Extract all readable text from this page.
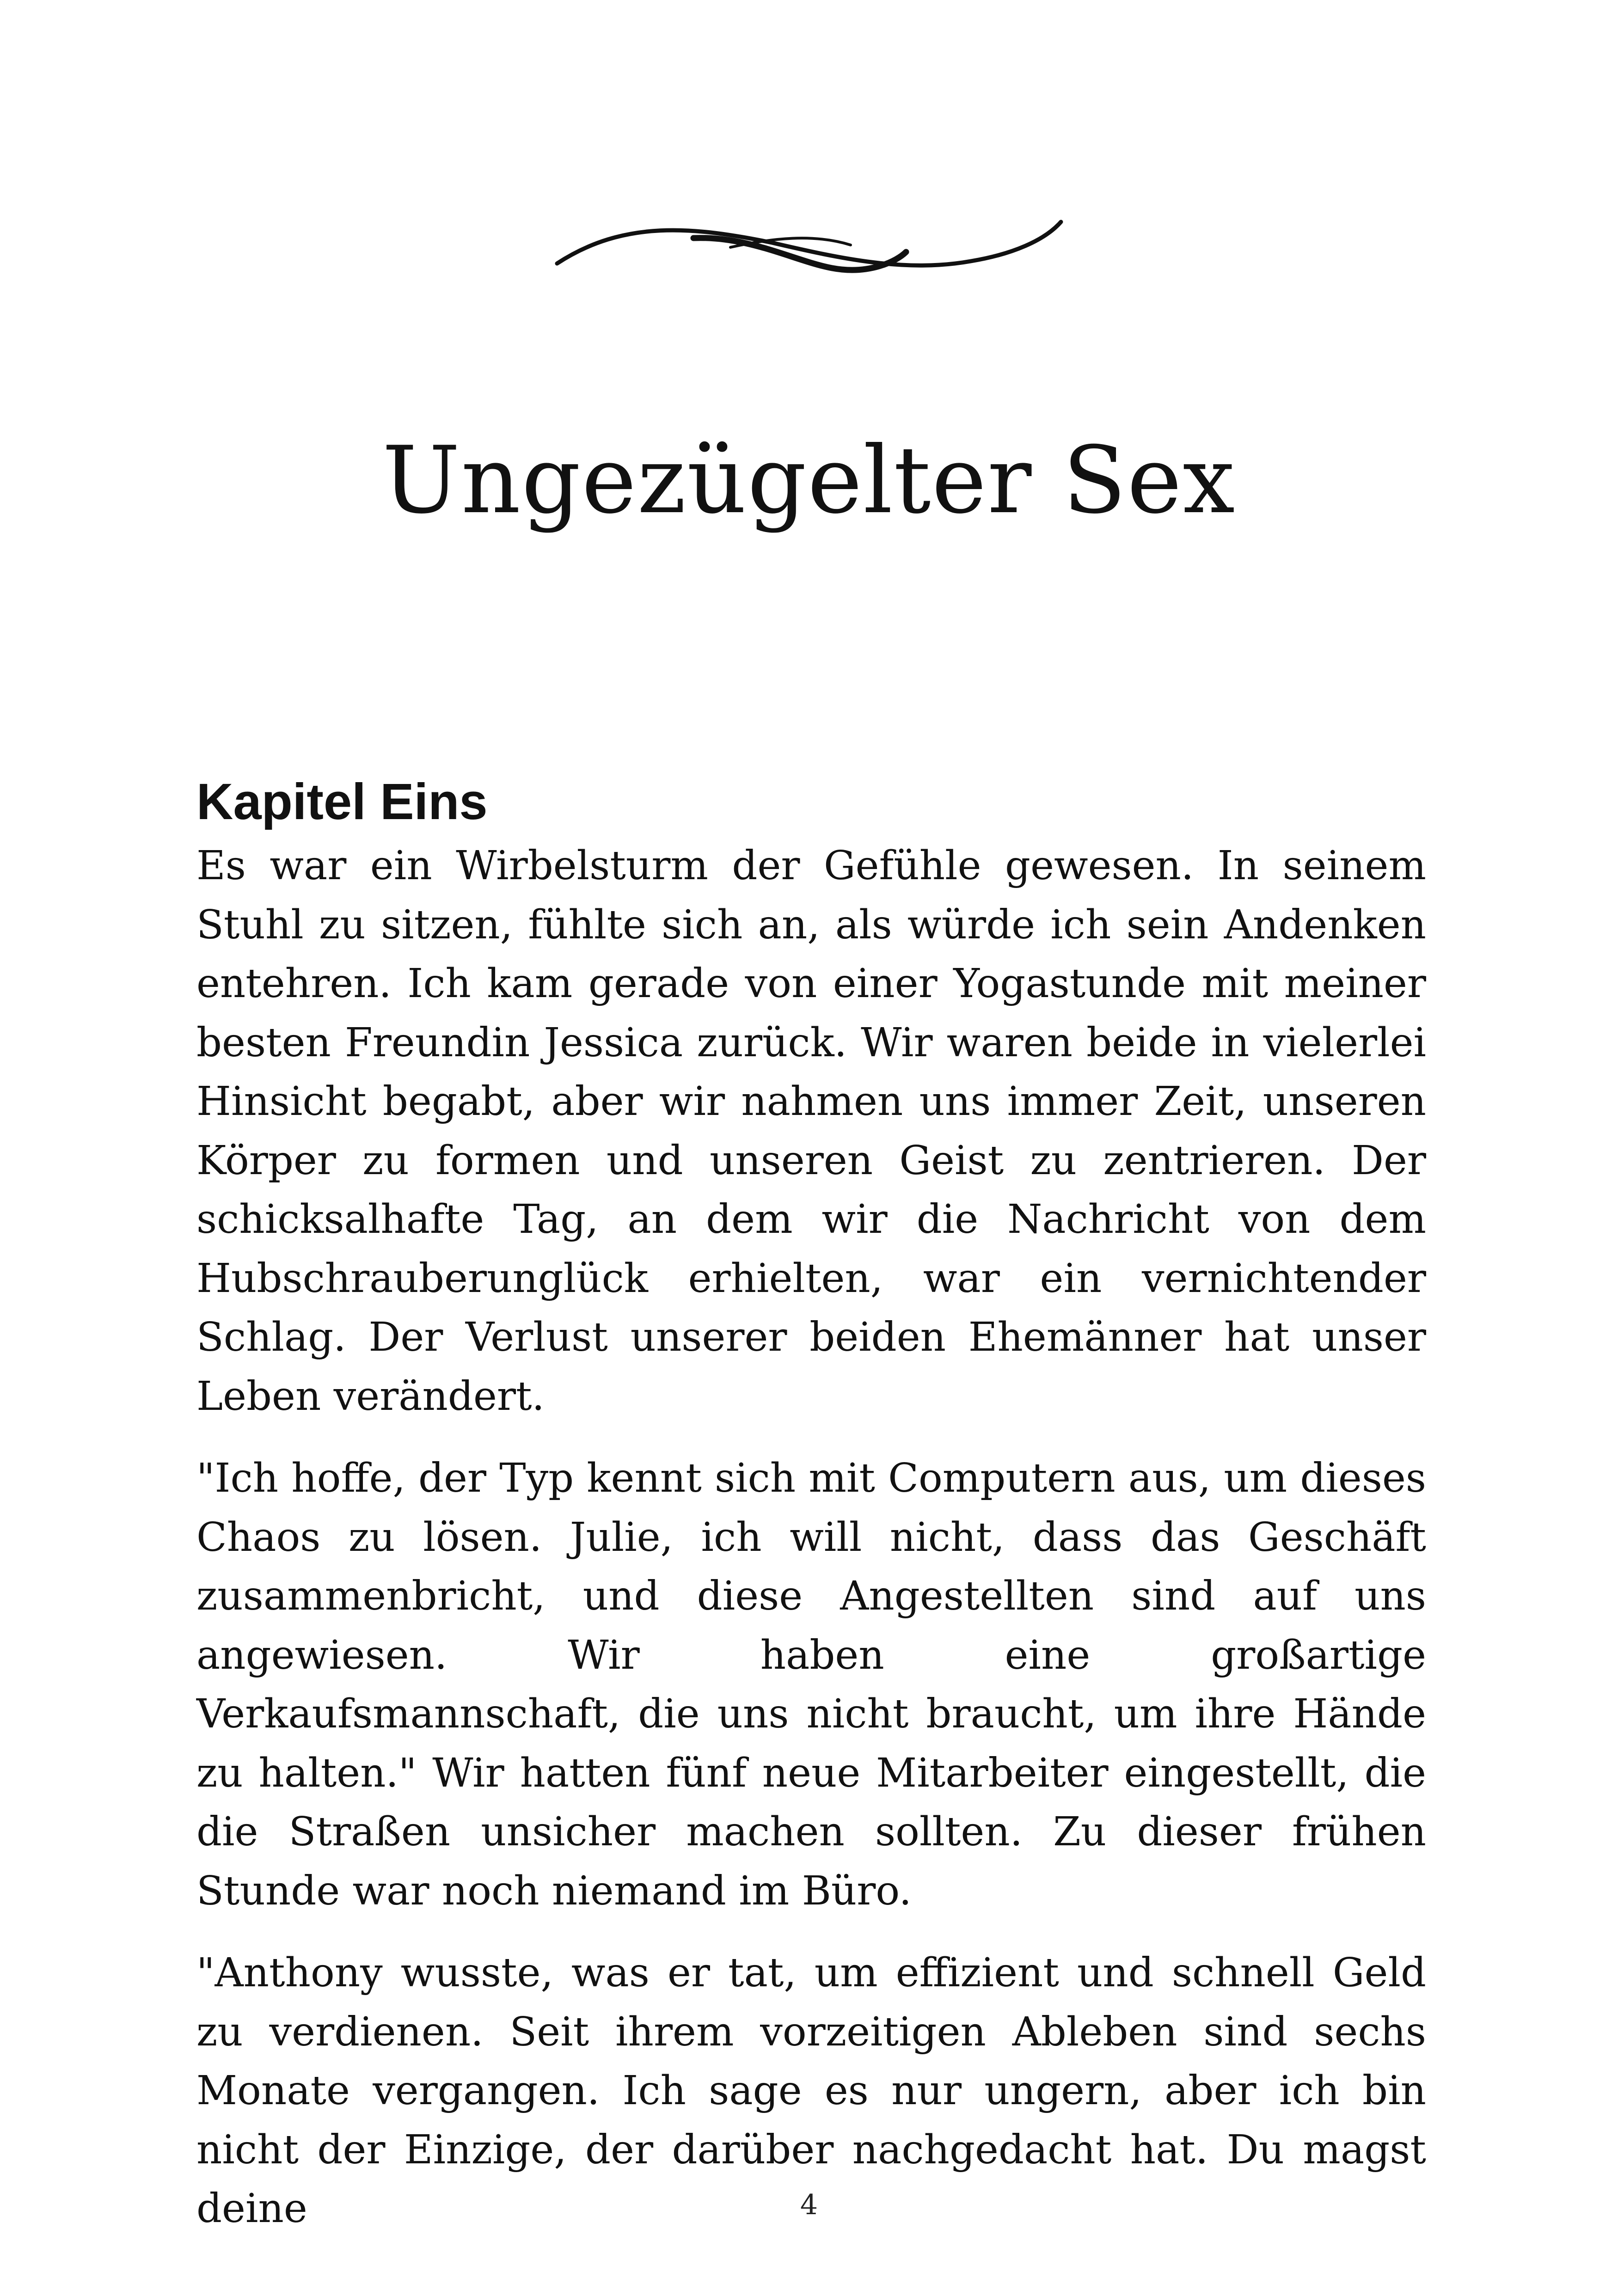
Ungezügelter Sex
Kapitel Eins

Es war ein Wirbelsturm der Gefühle gewesen. In seinem Stuhl zu sitzen, fühlte sich an, als würde ich sein Andenken entehren. Ich kam gerade von einer Yogastunde mit meiner besten Freundin Jessica zurück. Wir waren beide in vielerlei Hinsicht begabt, aber wir nahmen uns immer Zeit, unseren Körper zu formen und unseren Geist zu zentrieren. Der schicksalhafte Tag, an dem wir die Nachricht von dem Hubschrauberunglück erhielten, war ein vernichtender Schlag. Der Verlust unserer beiden Ehemänner hat unser Leben verändert.

"Ich hoffe, der Typ kennt sich mit Computern aus, um dieses Chaos zu lösen. Julie, ich will nicht, dass das Geschäft zusammenbricht, und diese Angestellten sind auf uns angewiesen. Wir haben eine großartige Verkaufsmannschaft, die uns nicht braucht, um ihre Hände zu halten." Wir hatten fünf neue Mitarbeiter eingestellt, die die Straßen unsicher machen sollten. Zu dieser frühen Stunde war noch niemand im Büro.

"Anthony wusste, was er tat, um effizient und schnell Geld zu verdienen. Seit ihrem vorzeitigen Ableben sind sechs Monate vergangen. Ich sage es nur ungern, aber ich bin nicht der Einzige, der darüber nachgedacht hat. Du magst deine	4
